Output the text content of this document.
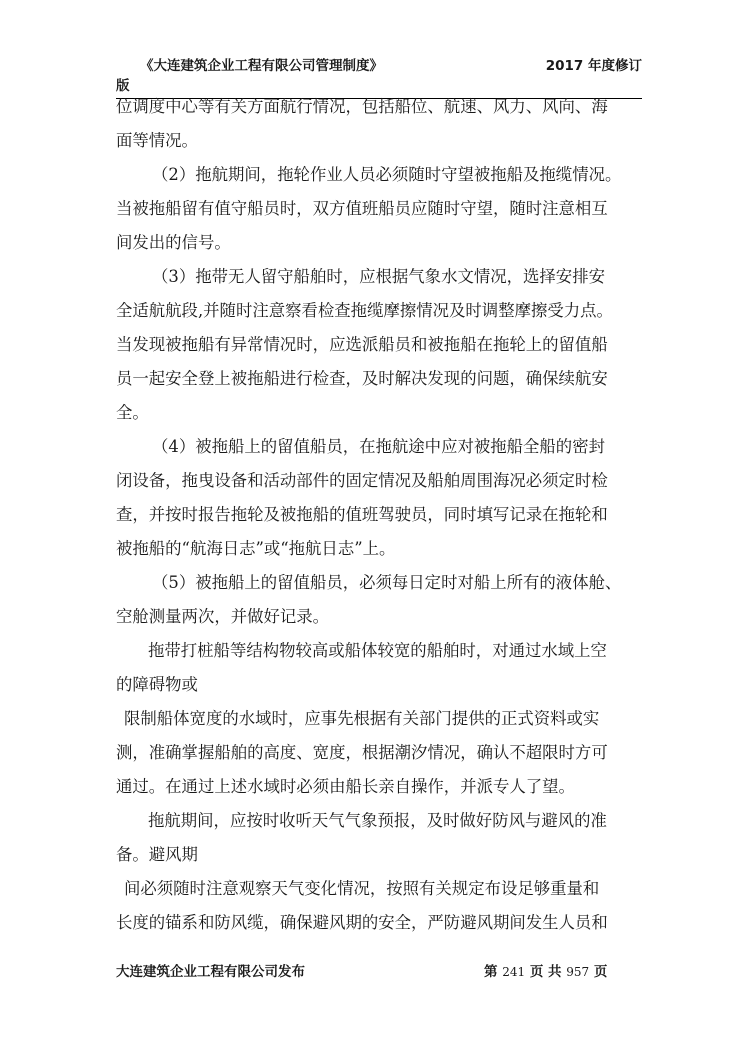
《大连建筑企业工程有限公司管理制度》	2017 年度修订
版
位调度中心等有关方面航行情况，包括船位、航速、风力、风向、海
面等情况。
（2）拖航期间，拖轮作业人员必须随时守望被拖船及拖缆情况。
当被拖船留有值守船员时，双方值班船员应随时守望，随时注意相互
间发出的信号。
（3）拖带无人留守船舶时，应根据气象水文情况，选择安排安
全适航航段,并随时注意察看检查拖缆摩擦情况及时调整摩擦受力点。
当发现被拖船有异常情况时，应选派船员和被拖船在拖轮上的留值船
员一起安全登上被拖船进行检查，及时解决发现的问题，确保续航安
全。
（4）被拖船上的留值船员，在拖航途中应对被拖船全船的密封
闭设备，拖曳设备和活动部件的固定情况及船舶周围海况必须定时检
查，并按时报告拖轮及被拖船的值班驾驶员，同时填写记录在拖轮和
被拖船的“航海日志”或“拖航日志”上。
（5）被拖船上的留值船员，必须每日定时对船上所有的液体舱、
空舱测量两次，并做好记录。
拖带打桩船等结构物较高或船体较宽的船舶时，对通过水域上空
的障碍物或
限制船体宽度的水域时，应事先根据有关部门提供的正式资料或实
测，准确掌握船舶的高度、宽度，根据潮汐情况，确认不超限时方可
通过。在通过上述水域时必须由船长亲自操作，并派专人了望。
拖航期间，应按时收听天气气象预报，及时做好防风与避风的准
备。避风期
间必须随时注意观察天气变化情况，按照有关规定布设足够重量和
长度的锚系和防风缆，确保避风期的安全，严防避风期间发生人员和
大连建筑企业工程有限公司发布	第 241 页 共 957 页
